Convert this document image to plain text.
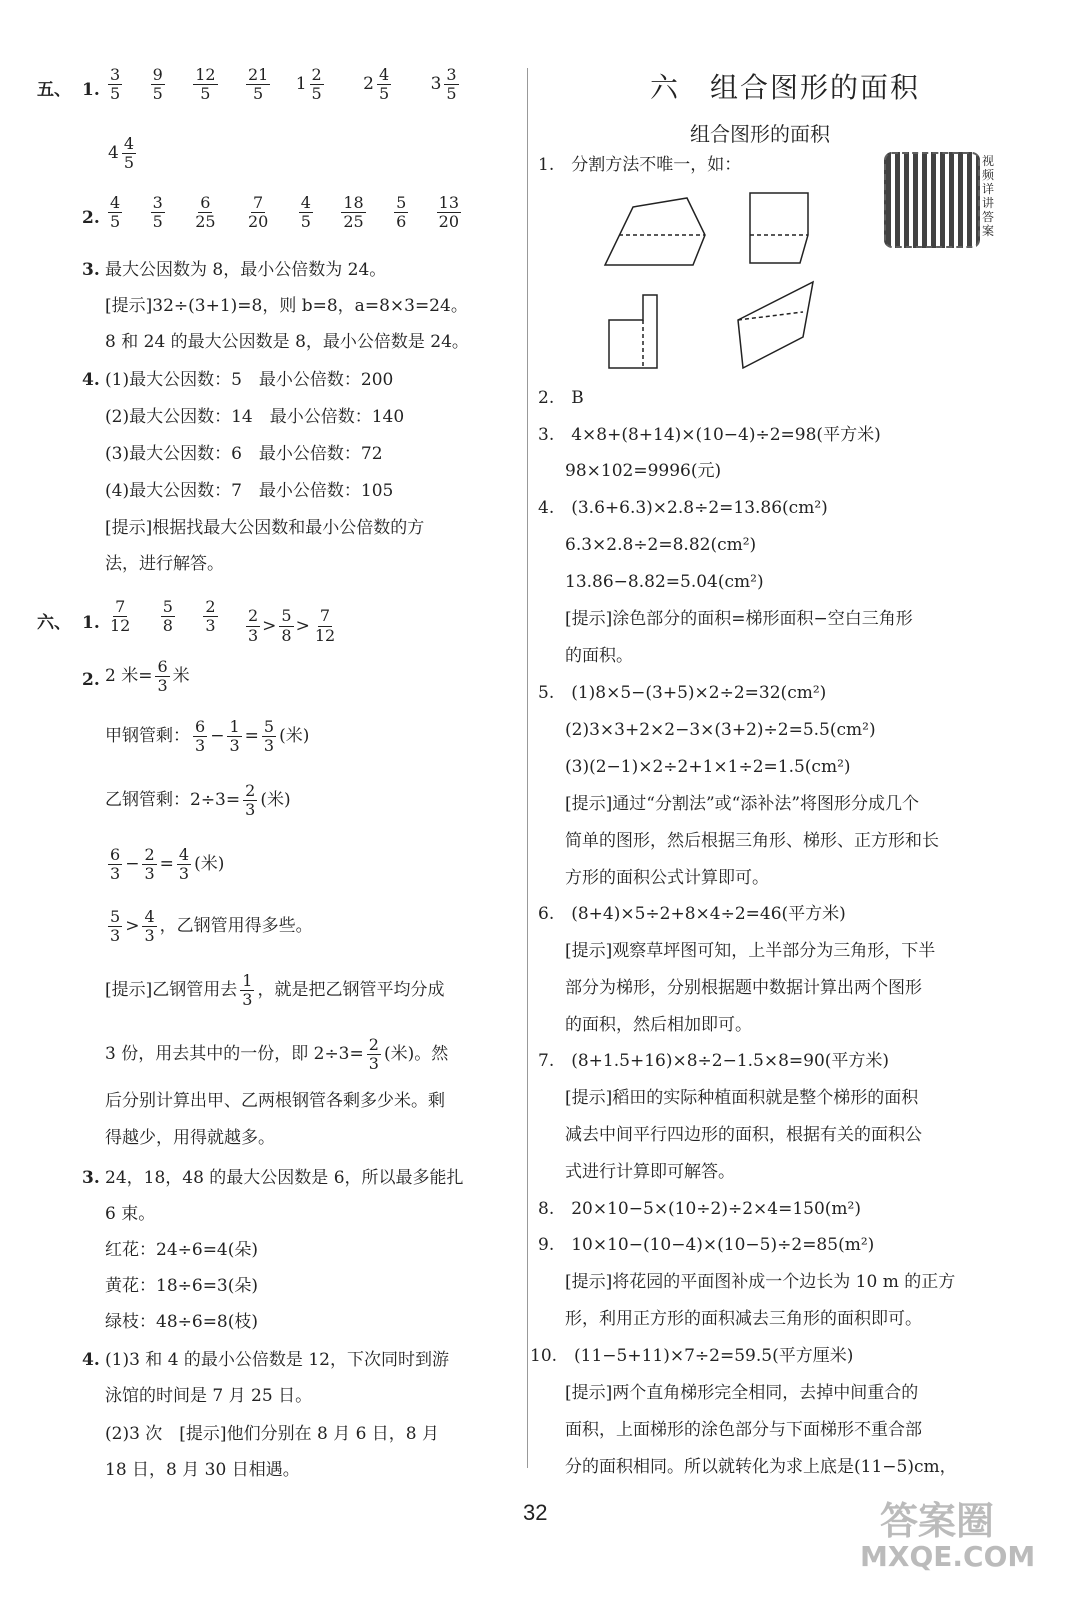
五、 1. $\frac{3}{5}$
$\frac{9}{5}$
$\frac{12}{5}$
$\frac{21}{5}$
$1 \frac{2}{5}$
$2 \frac{4}{5}$
$3 \frac{3}{5}$
$4 \frac{4}{5}$
2. $\frac{4}{5}$
$\frac{3}{5}$
$\frac{6}{25}$
$\frac{7}{20}$
$\frac{4}{5}$
$\frac{18}{25}$
$\frac{5}{6}$
$\frac{13}{20}$
3. 最大公因数为 8，最小公倍数为 24。
[提示]32÷(3+1)=8，则 b=8，a=8×3=24。
8 和 24 的最大公因数是 8，最小公倍数是 24。
4. (1)最大公因数：5　最小公倍数：200
(2)最大公因数：14　最小公倍数：140
(3)最大公因数：6　最小公倍数：72
(4)最大公因数：7　最小公倍数：105
[提示]根据找最大公因数和最小公倍数的方
法，进行解答。
六、 1. $\frac{7}{12}$
$\frac{5}{8}$
$\frac{2}{3}$
$\frac{2}{3} > \frac{5}{8} > \frac{7}{12}$
2. 2 米= $\frac{6}{3}$ 米
甲钢管剩： $\frac{6}{3} - \frac{1}{3} = \frac{5}{3}$ (米)
乙钢管剩：$2\div 3= \frac{2}{3}$ (米)
$\frac{6}{3} - \frac{2}{3} = \frac{4}{3}$ (米)
$\frac{5}{3} > \frac{4}{3}$ ，乙钢管用得多些。
[提示]乙钢管用去 $\frac{1}{3}$ ，就是把乙钢管平均分成
3 份，用去其中的一份，即 $2\div 3= \frac{2}{3}$ (米)。然
后分别计算出甲、乙两根钢管各剩多少米。剩
得越少，用得就越多。
3. 24，18，48 的最大公因数是 6，所以最多能扎
6 束。
红花：24÷6=4(朵)
黄花：18÷6=3(朵)
绿枝：48÷6=8(枝)
4. (1)3 和 4 的最小公倍数是 12，下次同时到游
泳馆的时间是 7 月 25 日。
(2)3 次　[提示]他们分别在 8 月 6 日，8 月
18 日，8 月 30 日相遇。
六　组合图形的面积
组合图形的面积
视频详讲答案
1.　分割方法不唯一，如：
2.　B
3.　4×8+(8+14)×(10−4)÷2=98(平方米)
98×102=9996(元)
4.　(3.6+6.3)×2.8÷2=13.86(cm²)
6.3×2.8÷2=8.82(cm²)
13.86−8.82=5.04(cm²)
[提示]涂色部分的面积=梯形面积−空白三角形
的面积。
5.　(1)8×5−(3+5)×2÷2=32(cm²)
(2)3×3+2×2−3×(3+2)÷2=5.5(cm²)
(3)(2−1)×2÷2+1×1÷2=1.5(cm²)
[提示]通过“分割法”或“添补法”将图形分成几个
简单的图形，然后根据三角形、梯形、正方形和长
方形的面积公式计算即可。
6.　(8+4)×5÷2+8×4÷2=46(平方米)
[提示]观察草坪图可知，上半部分为三角形，下半
部分为梯形，分别根据题中数据计算出两个图形
的面积，然后相加即可。
7.　(8+1.5+16)×8÷2−1.5×8=90(平方米)
[提示]稻田的实际种植面积就是整个梯形的面积
减去中间平行四边形的面积，根据有关的面积公
式进行计算即可解答。
8.　20×10−5×(10÷2)÷2×4=150(m²)
9.　10×10−(10−4)×(10−5)÷2=85(m²)
[提示]将花园的平面图补成一个边长为 10 m 的正方
形，利用正方形的面积减去三角形的面积即可。
10.　(11−5+11)×7÷2=59.5(平方厘米)
[提示]两个直角梯形完全相同，去掉中间重合的
面积，上面梯形的涂色部分与下面梯形不重合部
分的面积相同。所以就转化为求上底是(11−5)cm，
32	答案圈
MXQE.COM
